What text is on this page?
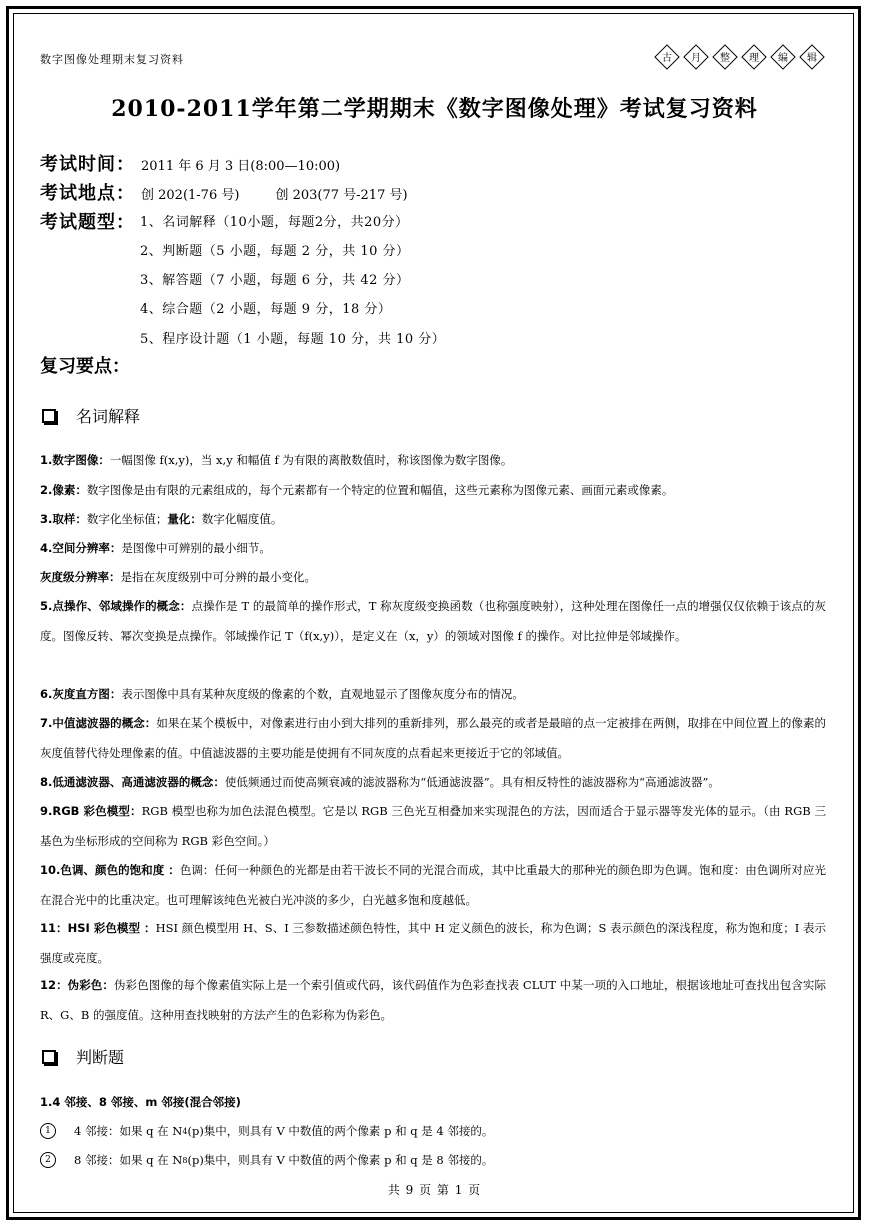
数字图像处理期末复习资料	古	月	整	理	编	辑
2010-2011学年第二学期期末《数字图像处理》考试复习资料
考试时间 ： 2011 年 6 月 3 日(8:00—10:00)
考试地点 ： 创 202(1-76 号)	创 203(77 号-217 号)
考试题型 ： 1、名词解释（10小题，每题2分，共20分）
2、判断题（5 小题，每题 2 分，共 10 分）
3、解答题（7 小题，每题 6 分，共 42 分）
4、综合题（2 小题，每题 9 分，18 分）
5、程序设计题（1 小题，每题 10 分，共 10 分）
复习要点：
名词解释
1.数字图像：一幅图像 f(x,y)，当 x,y 和幅值 f 为有限的离散数值时，称该图像为数字图像。
2.像素：数字图像是由有限的元素组成的，每个元素都有一个特定的位置和幅值，这些元素称为图像元素、画面元素或像素。
3.取样：数字化坐标值；量化：数字化幅度值。
4.空间分辨率：是图像中可辨别的最小细节。
灰度级分辨率：是指在灰度级别中可分辨的最小变化。
5.点操作、邻域操作的概念：点操作是 T 的最简单的操作形式，T 称灰度级变换函数（也称强度映射），这种处理在图像任一点的增强仅仅依赖于该点的灰度。图像反转、幂次变换是点操作。邻域操作记 T（f(x,y)），是定义在（x，y）的领域对图像 f 的操作。对比拉伸是邻域操作。
6.灰度直方图：表示图像中具有某种灰度级的像素的个数，直观地显示了图像灰度分布的情况。
7.中值滤波器的概念：如果在某个模板中，对像素进行由小到大排列的重新排列，那么最亮的或者是最暗的点一定被排在两侧，取排在中间位置上的像素的灰度值替代待处理像素的值。中值滤波器的主要功能是使拥有不同灰度的点看起来更接近于它的邻域值。
8.低通滤波器、高通滤波器的概念：使低频通过而使高频衰减的滤波器称为“低通滤波器”。具有相反特性的滤波器称为“高通滤波器”。
9.RGB 彩色模型：RGB 模型也称为加色法混色模型。它是以 RGB 三色光互相叠加来实现混色的方法，因而适合于显示器等发光体的显示。（由 RGB 三基色为坐标形成的空间称为 RGB 彩色空间。）
10.色调、颜色的饱和度 ：色调：任何一种颜色的光都是由若干波长不同的光混合而成，其中比重最大的那种光的颜色即为色调。饱和度：由色调所对应光在混合光中的比重决定。也可理解该纯色光被白光冲淡的多少，白光越多饱和度越低。
11：HSI 彩色模型 ：HSI 颜色模型用 H、S、I 三参数描述颜色特性，其中 H 定义颜色的波长，称为色调；S 表示颜色的深浅程度，称为饱和度；I 表示强度或亮度。
12：伪彩色：伪彩色图像的每个像素值实际上是一个索引值或代码，该代码值作为色彩查找表 CLUT 中某一项的入口地址，根据该地址可查找出包含实际 R、G、B 的强度值。这种用查找映射的方法产生的色彩称为伪彩色。
判断题
1.4 邻接、8 邻接、m 邻接(混合邻接)
1	4 邻接：如果 q 在 N 4 (p)集中，则具有 V 中数值的两个像素 p 和 q 是 4 邻接的。
2	8 邻接：如果 q 在 N 8 (p)集中，则具有 V 中数值的两个像素 p 和 q 是 8 邻接的。
共 9 页 第 1 页
